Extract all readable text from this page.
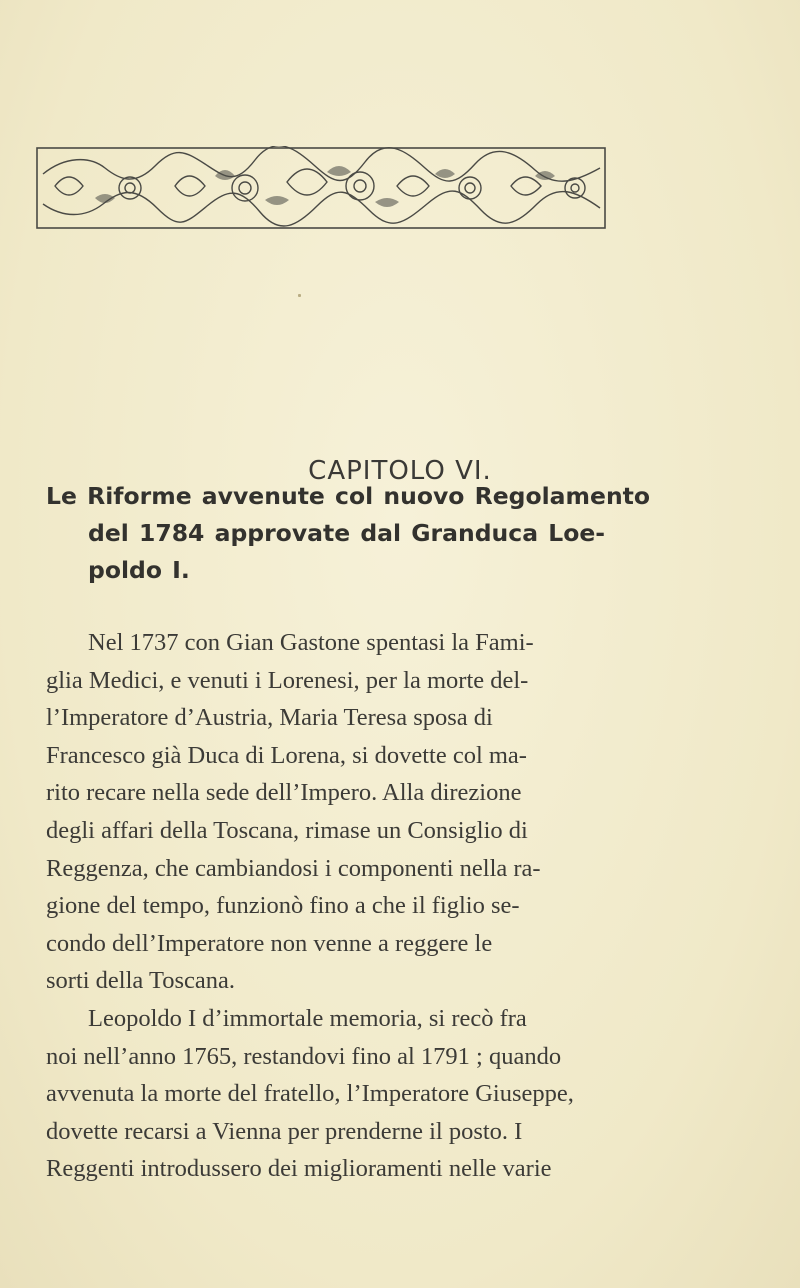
CAPITOLO VI.
Le Riforme avvenute col nuovo Regolamento
del 1784 approvate dal Granduca Loe-
poldo I.
Nel 1737 con Gian Gastone spentasi la Fami-
glia Medici, e venuti i Lorenesi, per la morte del-
l’Imperatore d’Austria, Maria Teresa sposa di
Francesco già Duca di Lorena, si dovette col ma-
rito recare nella sede dell’Impero. Alla direzione
degli affari della Toscana, rimase un Consiglio di
Reggenza, che cambiandosi i componenti nella ra-
gione del tempo, funzionò fino a che il figlio se-
condo dell’Imperatore non venne a reggere le
sorti della Toscana.
Leopoldo I d’immortale memoria, si recò fra
noi nell’anno 1765, restandovi fino al 1791 ; quando
avvenuta la morte del fratello, l’Imperatore Giuseppe,
dovette recarsi a Vienna per prenderne il posto. I
Reggenti introdussero dei miglioramenti nelle varie
